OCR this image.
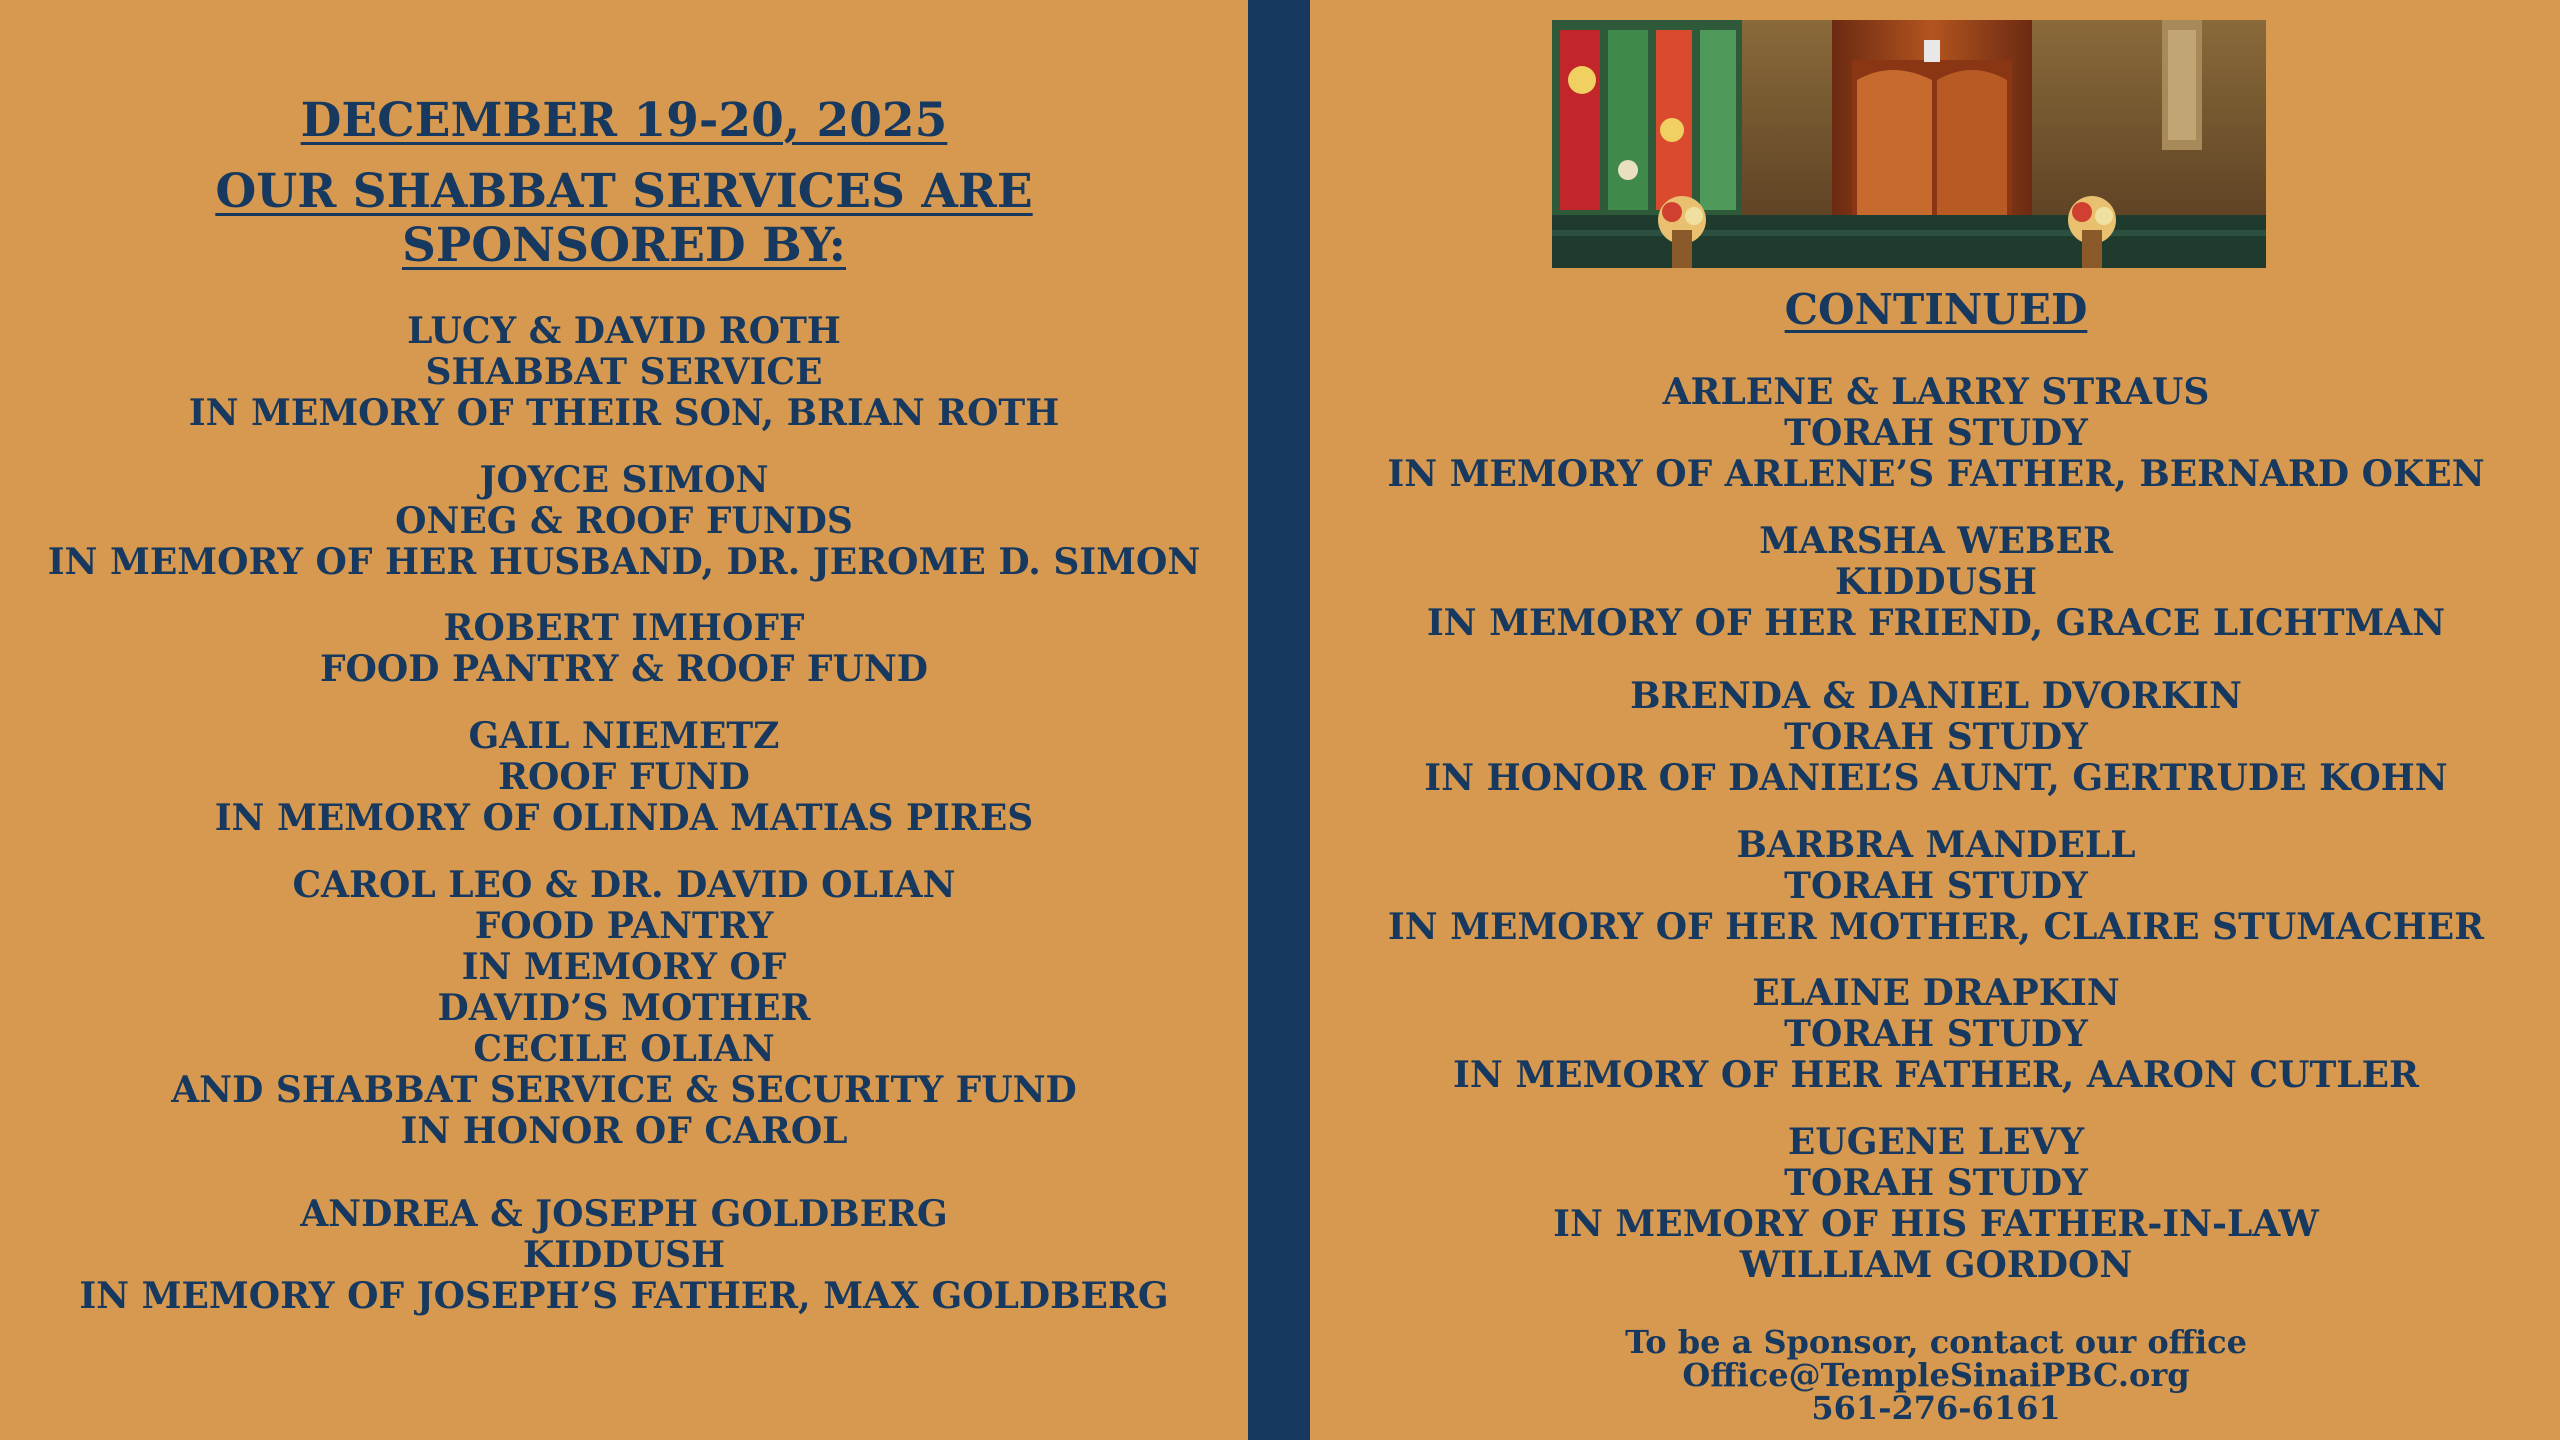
DECEMBER 19-20, 2025
OUR SHABBAT SERVICES ARE
SPONSORED BY:
LUCY & DAVID ROTH
SHABBAT SERVICE
IN MEMORY OF THEIR SON, BRIAN ROTH
JOYCE SIMON
ONEG & ROOF FUNDS
IN MEMORY OF HER HUSBAND, DR. JEROME D. SIMON
ROBERT IMHOFF
FOOD PANTRY & ROOF FUND
GAIL NIEMETZ
ROOF FUND
IN MEMORY OF OLINDA MATIAS PIRES
CAROL LEO & DR. DAVID OLIAN
FOOD PANTRY
IN MEMORY OF
DAVID’S MOTHER
CECILE OLIAN
AND SHABBAT SERVICE & SECURITY FUND
IN HONOR OF CAROL
ANDREA & JOSEPH GOLDBERG
KIDDUSH
IN MEMORY OF JOSEPH’S FATHER, MAX GOLDBERG
CONTINUED
ARLENE & LARRY STRAUS
TORAH STUDY
IN MEMORY OF ARLENE’S FATHER, BERNARD OKEN
MARSHA WEBER
KIDDUSH
IN MEMORY OF HER FRIEND, GRACE LICHTMAN
BRENDA & DANIEL DVORKIN
TORAH STUDY
IN HONOR OF DANIEL’S AUNT, GERTRUDE KOHN
BARBRA MANDELL
TORAH STUDY
IN MEMORY OF HER MOTHER, CLAIRE STUMACHER
ELAINE DRAPKIN
TORAH STUDY
IN MEMORY OF HER FATHER, AARON CUTLER
EUGENE LEVY
TORAH STUDY
IN MEMORY OF HIS FATHER-IN-LAW
WILLIAM GORDON
To be a Sponsor, contact our office
Office@TempleSinaiPBC.org
561-276-6161
